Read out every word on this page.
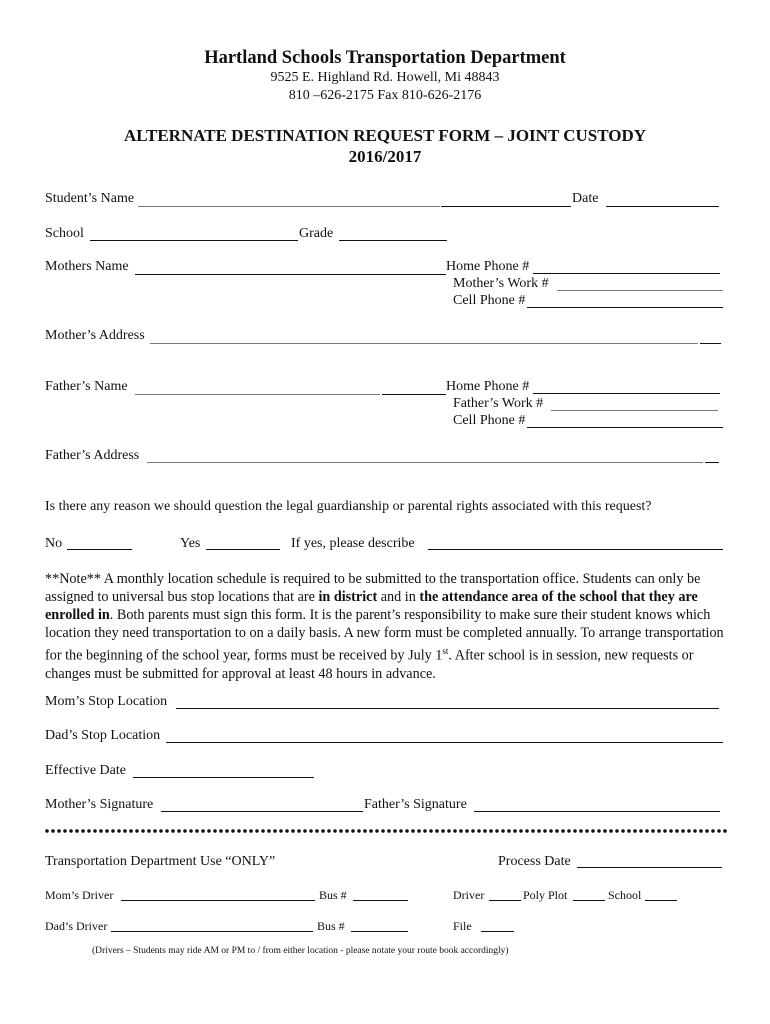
Hartland Schools Transportation Department
9525 E. Highland Rd. Howell, Mi 48843
810 –626-2175 Fax 810-626-2176
ALTERNATE DESTINATION REQUEST FORM – JOINT CUSTODY
2016/2017
Student’s Name	Date
School	Grade
Mothers Name	Home Phone #
Mother’s Work #
Cell Phone #
Mother’s Address
Father’s Name	Home Phone #
Father’s Work #
Cell Phone #
Father’s Address
Is there any reason we should question the legal guardianship or parental rights associated with this request?
No	Yes	If yes, please describe
**Note** A monthly location schedule is required to be submitted to the transportation office. Students can only be assigned to universal bus stop locations that are in district and in the attendance area of the school that they are enrolled in. Both parents must sign this form. It is the parent’s responsibility to make sure their student knows which location they need transportation to on a daily basis. A new form must be completed annually. To arrange transportation for the beginning of the school year, forms must be received by July 1st. After school is in session, new requests or changes must be submitted for approval at least 48 hours in advance.
Mom’s Stop Location
Dad’s Stop Location
Effective Date
Mother’s Signature	Father’s Signature
Transportation Department Use “ONLY”	Process Date
Mom’s Driver	Bus #	Driver	Poly Plot	School
Dad’s Driver	Bus #	File
(Drivers – Students may ride AM or PM to / from either location - please notate your route book accordingly)
